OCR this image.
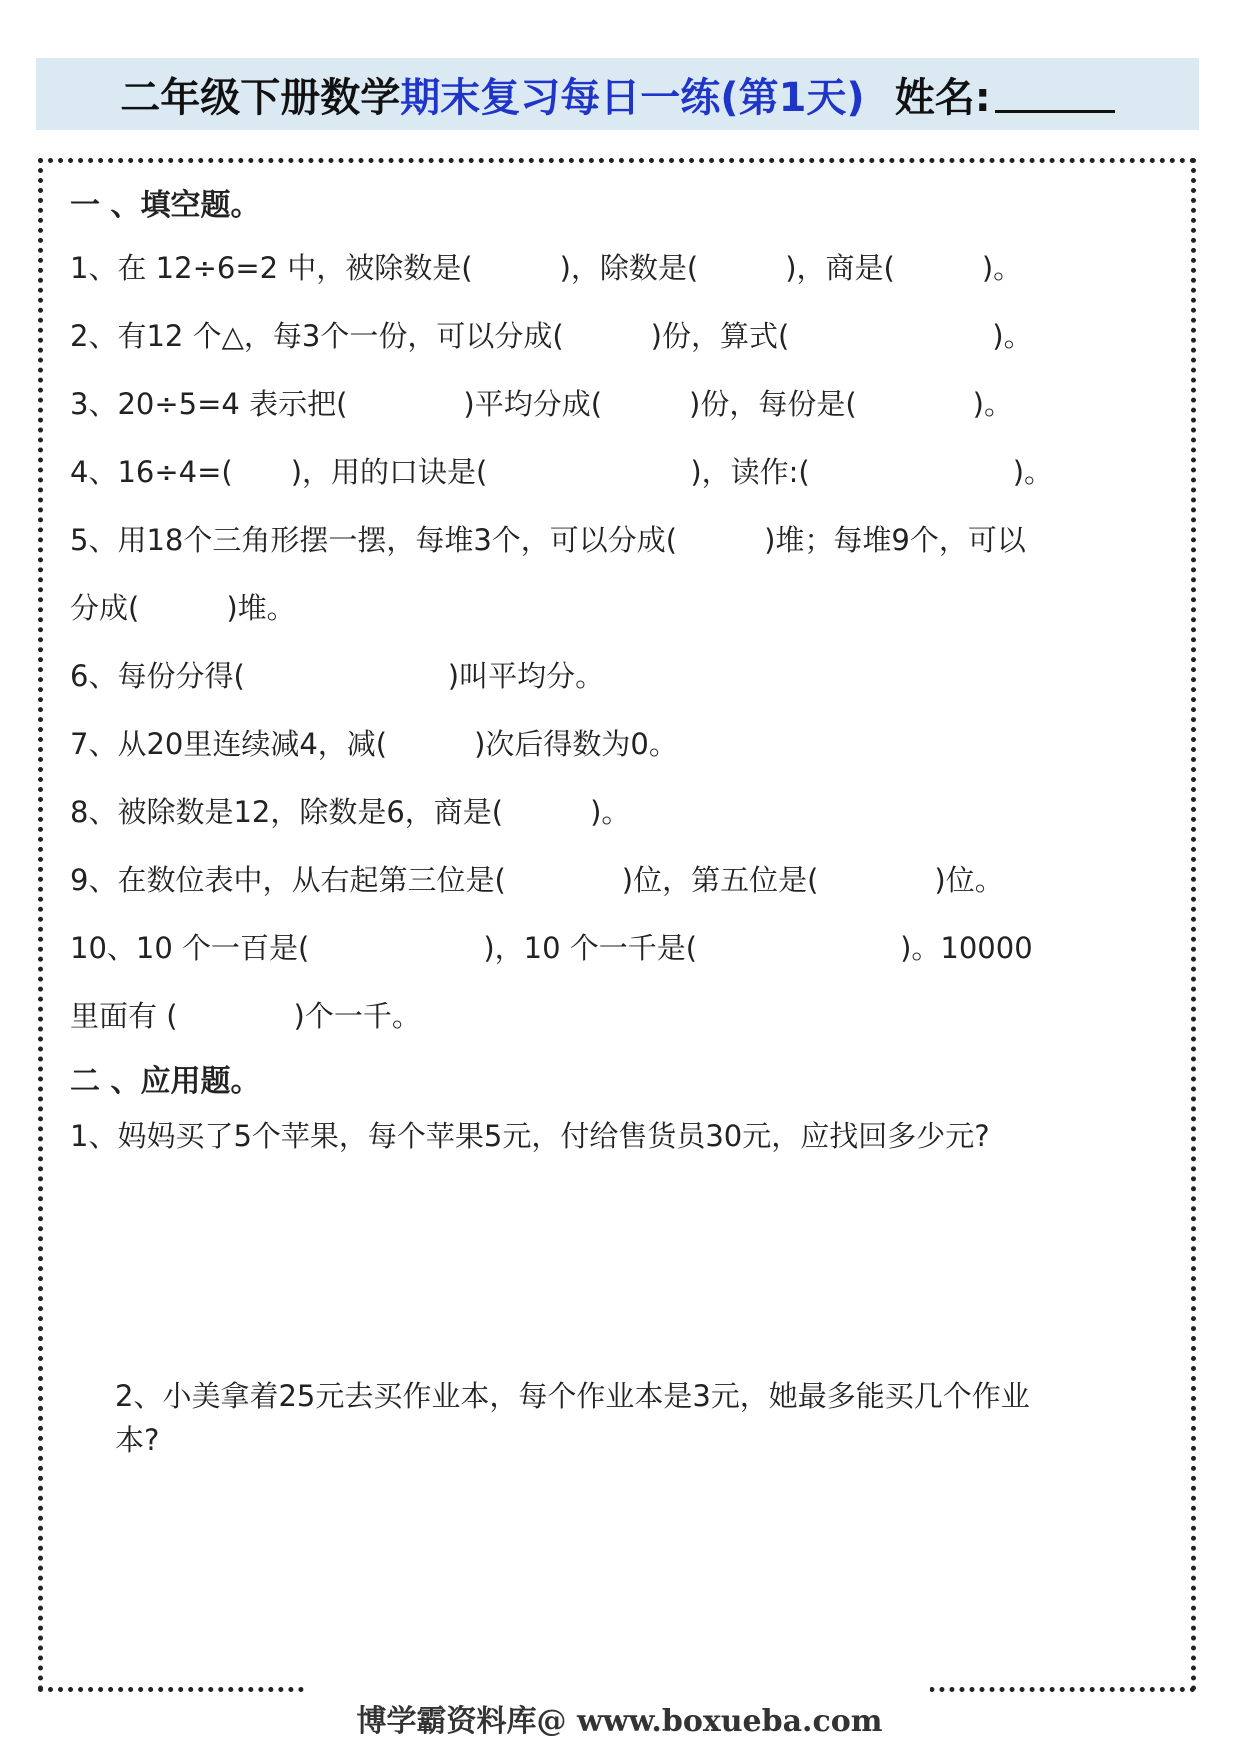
二年级下册数学 期末复习每日一练(第1天) 姓名:
一 、填空题。
1、在 12÷6=2 中，被除数是(　　　)，除数是(　　　)，商是(　　　)。
2、有12 个△，每3个一份，可以分成(　　　)份，算式(　　　　　　　)。
3、20÷5=4 表示把(　　　　)平均分成(　　　)份，每份是(　　　　)。
4、16÷4=(　　)，用的口诀是(　　　　　　　)，读作:(　　　　　　　)。
5、用18个三角形摆一摆，每堆3个，可以分成(　　　)堆；每堆9个，可以
分成(　　　)堆。
6、每份分得(　　　　　　　)叫平均分。
7、从20里连续减4，减(　　　)次后得数为0。
8、被除数是12，除数是6，商是(　　　)。
9、在数位表中，从右起第三位是(　　　　)位，第五位是(　　　　)位。
10、10 个一百是(　　　　　　)，10 个一千是(　　　　　　　)。10000
里面有 (　　　　)个一千。
二 、应用题。
1、妈妈买了5个苹果，每个苹果5元，付给售货员30元，应找回多少元?
2、小美拿着25元去买作业本，每个作业本是3元，她最多能买几个作业
本?
博学霸资料库@ www.boxueba.com
